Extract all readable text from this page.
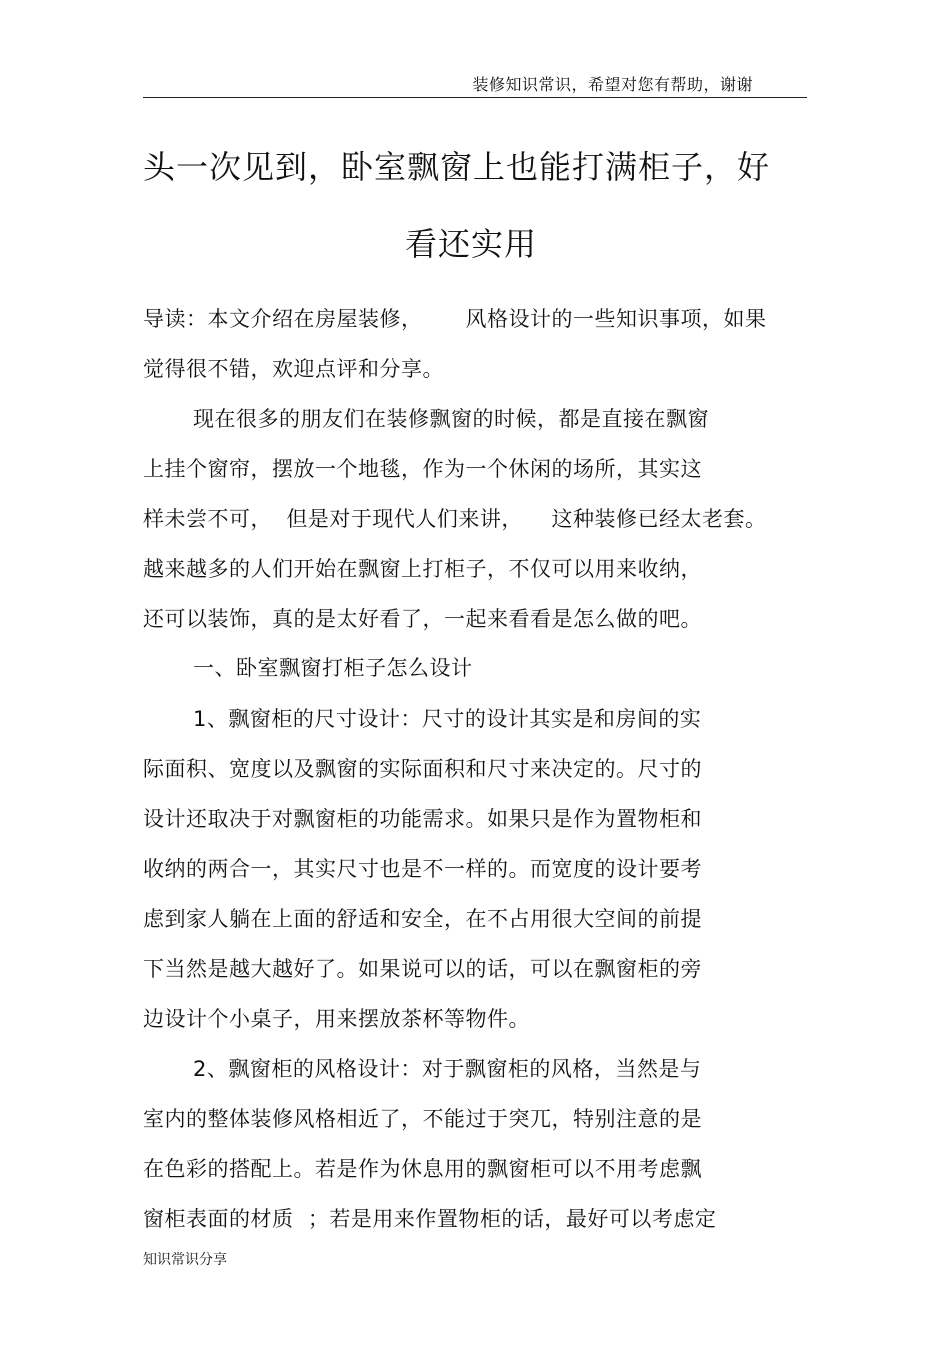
装修知识常识，希望对您有帮助，谢谢
头一次见到，卧室飘窗上也能打满柜子，好
看还实用
导读：本文介绍在房屋装修，      风格设计的一些知识事项，如果
觉得很不错，欢迎点评和分享。
现在很多的朋友们在装修飘窗的时候，都是直接在飘窗
上挂个窗帘，摆放一个地毯，作为一个休闲的场所，其实这
样未尝不可，  但是对于现代人们来讲，    这种装修已经太老套。
越来越多的人们开始在飘窗上打柜子，不仅可以用来收纳，
还可以装饰，真的是太好看了，一起来看看是怎么做的吧。
一、卧室飘窗打柜子怎么设计
1、飘窗柜的尺寸设计：尺寸的设计其实是和房间的实
际面积、宽度以及飘窗的实际面积和尺寸来决定的。尺寸的
设计还取决于对飘窗柜的功能需求。如果只是作为置物柜和
收纳的两合一，其实尺寸也是不一样的。而宽度的设计要考
虑到家人躺在上面的舒适和安全，在不占用很大空间的前提
下当然是越大越好了。如果说可以的话，可以在飘窗柜的旁
边设计个小桌子，用来摆放茶杯等物件。
2、飘窗柜的风格设计：对于飘窗柜的风格，当然是与
室内的整体装修风格相近了，不能过于突兀，特别注意的是
在色彩的搭配上。若是作为休息用的飘窗柜可以不用考虑飘
窗柜表面的材质  ；若是用来作置物柜的话，最好可以考虑定
知识常识分享
